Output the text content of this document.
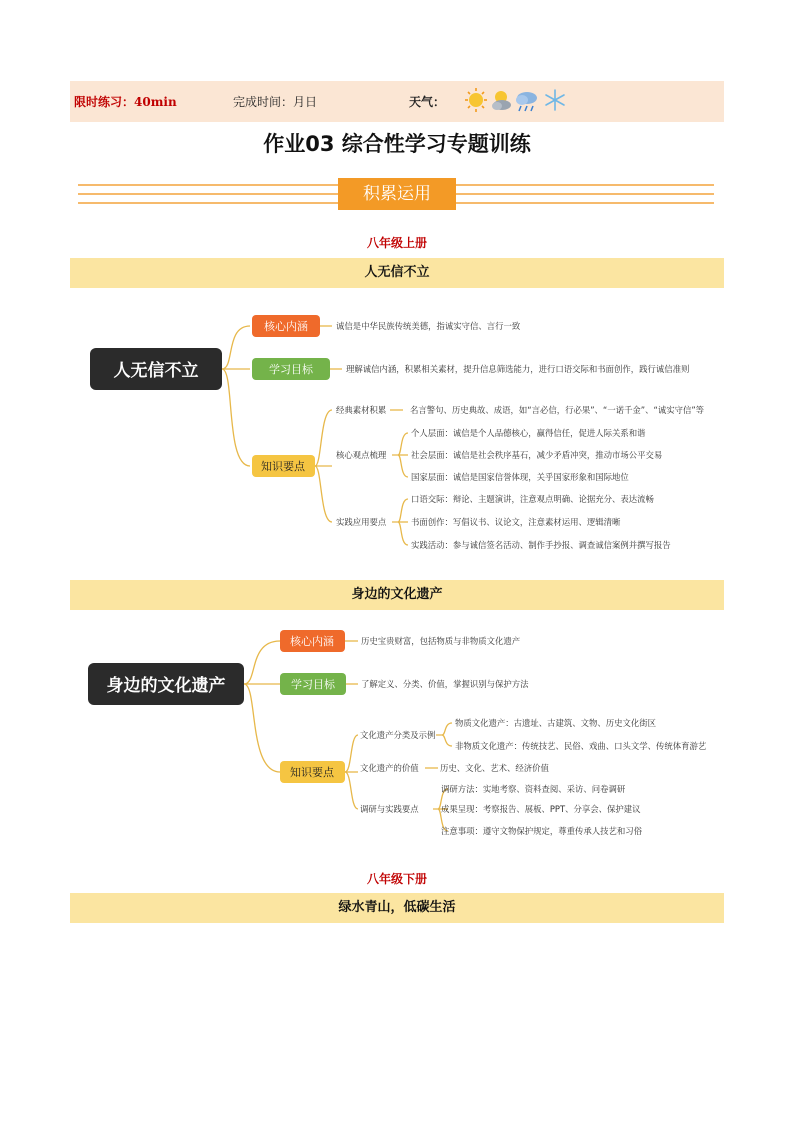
限时练习：40min	完成时间：月日	天气：
作业03 综合性学习专题训练
积累运用
八年级上册
人无信不立
人无信不立
核心内涵	诚信是中华民族传统美德，指诚实守信、言行一致
学习目标	理解诚信内涵，积累相关素材，提升信息筛选能力，进行口语交际和书面创作，践行诚信准则
知识要点
经典素材积累	名言警句、历史典故、成语，如“言必信，行必果”、“一诺千金”、“诚实守信”等
核心观点梳理
个人层面：诚信是个人品德核心，赢得信任，促进人际关系和谐
社会层面：诚信是社会秩序基石，减少矛盾冲突，推动市场公平交易
国家层面：诚信是国家信誉体现，关乎国家形象和国际地位
实践应用要点
口语交际：辩论、主题演讲，注意观点明确、论据充分、表达流畅
书面创作：写倡议书、议论文，注意素材运用、逻辑清晰
实践活动：参与诚信签名活动、制作手抄报、调查诚信案例并撰写报告
身边的文化遗产
身边的文化遗产
核心内涵	历史宝贵财富，包括物质与非物质文化遗产
学习目标	了解定义、分类、价值，掌握识别与保护方法
知识要点
文化遗产分类及示例
物质文化遗产：古遗址、古建筑、文物、历史文化街区
非物质文化遗产：传统技艺、民俗、戏曲、口头文学、传统体育游艺
文化遗产的价值	历史、文化、艺术、经济价值
调研与实践要点
调研方法：实地考察、资料查阅、采访、问卷调研
成果呈现：考察报告、展板、PPT、分享会、保护建议
注意事项：遵守文物保护规定，尊重传承人技艺和习俗
八年级下册
绿水青山，低碳生活
